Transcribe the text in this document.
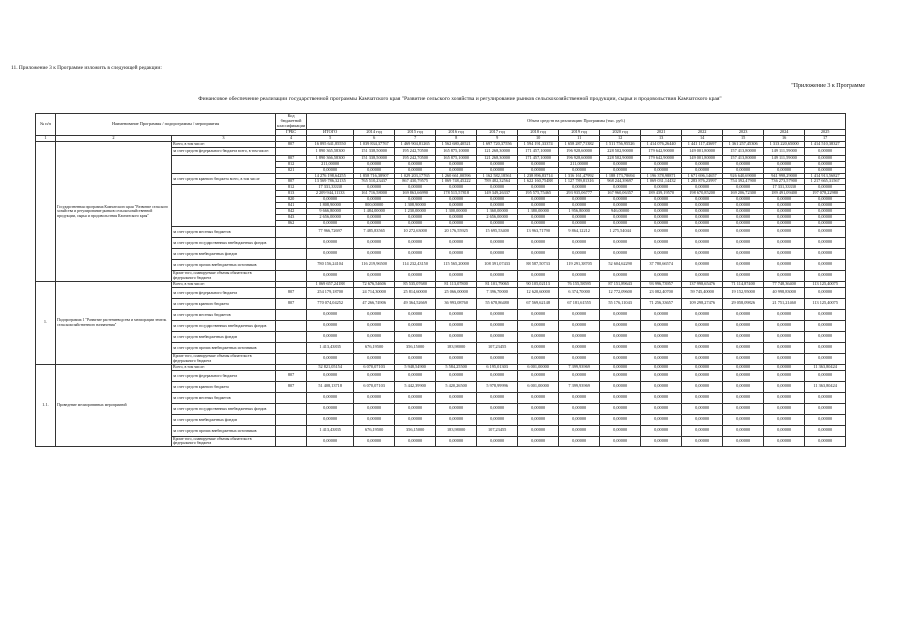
11. Приложение 3 к Программе изложить в следующей редакции:
"Приложение 3 к Программе
Финансовое обеспечение реализации государственной программы Камчатского края "Развитие сельского хозяйства и регулирование рынков сельскохозяйственной продукции, сырья и продовольствия Камчатского края"
№ п/п	Наименование Программы / подпрограммы / мероприятия		Код бюджетной классификации	Объем средств на реализацию Программы (тыс. руб.)												
			ГРБС	ИТОГО	2014 год	2015 год	2016 год	2017 год	2018 год	2019 год	2020 год	2021	2022	2023	2024	2025
1	2	3	4	5	6	7	8	9	10	11	12	13	14	15	16	17
	Государственная программа Камчатского края "Развитие сельского хозяйства и регулирование рынков сельскохозяйственной продукции, сырья и продовольствия Камчатского края"	Всего, в том числе:	807	16 895 641,85550	1 039 834,37767	1 469 904,81265	1 562 680,40521	1 697 720,37556	1 594 191,33374	1 658 287,71382	1 511 756,95526	1 414 076,26440	1 441 117,43697	1 361 257,45306	1 313 220,65000	1 414 510,38327
		за счет средств федерального бюджета всего, в том числе:		1 890 365,58300	151 338,50000	195 242,70500	165 875,10000	121 268,30000	171 457,10000	196 928,60000	228 502,90000	179 642,90000	149 001,80000	157 413,80000	149 111,59000	0,00000
			807	1 890 366,58300	151 338,50000	195 242,70500	165 875,10000	121 268,30000	171 457,10000	196 928,60000	228 502,90000	179 642,90000	149 001,80000	157 413,80000	149 111,59000	0,00000
			812	211,00000	0,00000	0,00000	0,00000	0,00000	0,00000	211,00000	0,00000	0,00000	0,00000	0,00000	0,00000	0,00000
			821	0,00000	0,00000	0,00000	0,00000	0,00000	0,00000	0,00000	0,00000	0,00000	0,00000	0,00000	0,00000	0,00000
		за счет средств краевого бюджета всего, в том числе		14 276 198,64255	1 858 716,38907	1 029 203,17765	1 260 661,00596	1 162 582,18561	1 238 896,83714	1 316 161,47992	1 188 173,78694	1 196 378,98871	1 671 696,14657	926 640,69000	941 998,29000	1 414 913,56827
			807	13 569 786,32135	765 510,23437	867 430,79575	1 069 748,45222	789 482,32564	1 622 160,75488	1 127 789,81316	968 244,39697	1 069 031,14432	1 283 876,23997	754 392,47900	736 273,57900	1 217 665,31567
			812	17 331,33330	0,00000	0,00000	0,00000	0,00000	0,00000	0,00000	0,00000	0,00000	0,00000	0,00000	17 331,33330	0,00000
			813	2 209 944,11133	161 716,58000	169 863,66990	178 515,57818	149 349,26337	195 575,75465	293 935,06777	167 960,06357	189 439,19570	198 670,85200	169 206,72300	189 491,09400	197 078,22980
			820	0,00000	0,00000	0,00000	0,00000	0,00000	0,00000	0,00000	0,00000	0,00000	0,00000	0,00000	0,00000	0,00000
			841	1 808,90000	800,00000	1 308,90000	0,00000	0,00000	0,00000	0,00000	0,00000	0,00000	0,00000	0,00000	0,00000	0,00000
			842	9 666,80000	1 484,00000	1 230,00000	1 300,00000	1 360,00000	1 380,00000	1 956,80000	946,00000	0,00000	0,00000	0,00000	0,00000	0,00000
			843	2 656,00000	0,00000	0,00000	0,00000	2 656,00000	0,00000	0,00000	0,00000	0,00000	0,00000	0,00000	0,00000	0,00000
			862	0,00000	0,00000	0,00000	0,00000	0,00000	0,00000	0,00000	0,00000	0,00000	0,00000	0,00000	0,00000	0,00000
		за счет средств местных бюджетов		77 966,72697	7 485,83565	10 272,63000	20 176,55925	15 695,53400	13 963,71790	9 864,12212	1 275,54044	0,00000	0,00000	0,00000	0,00000	0,00000
		за счет средств государственных внебюджетных фондов		0,00000	0,00000	0,00000	0,00000	0,00000	0,00000	0,00000	0,00000	0,00000	0,00000	0,00000	0,00000	0,00000
		за счет средств внебюджетных фондов		0,00000	0,00000	0,00000	0,00000	0,00000	0,00000	0,00000	0,00000	0,00000	0,00000	0,00000	0,00000	0,00000
		за счет средств прочих внебюджетных источников		780 156,24104	116 219,96500	114 232,43150	115 565,20000	108 391,07433	88 587,50733	119 291,38705	52 604,62290	37 780,66574	0,00000	0,00000	0,00000	0,00000
		Кроме того, планируемые объемы обязательств федерального бюджета		0,00000	0,00000	0,00000	0,00000	0,00000	0,00000	0,00000	0,00000	0,00000	0,00000	0,00000	0,00000	0,00000
1.	Подпрограмма 1 "Развитие растениеводства и мелиорации земель сельскохозяйственного назначения"	Всего, в том числе:		1 069 657,24188	72 676,54606	85 535,07680	81 113,07800	81 101,79065	90 105,02113	76 155,58595	87 151,89643	93 996,73957	137 998,65476	71 114,87400	77 748,36400	113 125,40075
		за счет средств федерального бюджета	807	254 179,18700	24 714,30000	25 814,60000	25 066,00000	7 396,70000	12 620,60000	6 374,70000	12 772,09600	23 082,40700	59 745,40000	19 152,95000	40 998,83000	0,00000
		за счет средств краевого бюджета	807	770 074,04252	47 266,74906	49 364,52669	36 993,08760	55 678,86480	67 569,62148	67 181,61555	55 176,11043	71 256,33657	109 298,27476	29 058,09826	21 751,21460	113 125,40075
		за счет средств местных бюджетов		0,00000	0,00000	0,00000	0,00000	0,00000	0,00000	0,00000	0,00000	0,00000	0,00000	0,00000	0,00000	0,00000
		за счет средств государственных внебюджетных фондов		0,00000	0,00000	0,00000	0,00000	0,00000	0,00000	0,00000	0,00000	0,00000	0,00000	0,00000	0,00000	0,00000
		за счет средств внебюджетных фондов		0,00000	0,00000	0,00000	0,00000	0,00000	0,00000	0,00000	0,00000	0,00000	0,00000	0,00000	0,00000	0,00000
		за счет средств прочих внебюджетных источников		1 413,43835	676,19500	356,15000	183,98000	107,23455	0,00000	0,00000	0,00000	0,00000	0,00000	0,00000	0,00000	0,00000
		Кроме того, планируемые объемы обязательств федерального бюджета		0,00000	0,00000	0,00000	0,00000	0,00000	0,00000	0,00000	0,00000	0,00000	0,00000	0,00000	0,00000	0,00000
1.1.	Проведение мелиоративных мероприятий	Всего, в том числе:		52 821,05154	6 070,07103	5 948,54900	5 584,25500	6 195,01303	6 001,00000	7 399,93969	0,00000	0,00000	0,00000	0,00000	0,00000	11 363,80424
		за счет средств федерального бюджета	807	0,00000	0,00000	0,00000	0,00000	0,00000	0,00000	0,00000	0,00000	0,00000	0,00000	0,00000	0,00000	0,00000
		за счет средств краевого бюджета	807	51 408,13718	6 070,07103	5 442,39900	5 420,26500	5 978,99996	6 001,00000	7 399,93969	0,00000	0,00000	0,00000	0,00000	0,00000	11 363,80424
		за счет средств местных бюджетов		0,00000	0,00000	0,00000	0,00000	0,00000	0,00000	0,00000	0,00000	0,00000	0,00000	0,00000	0,00000	0,00000
		за счет средств государственных внебюджетных фондов		0,00000	0,00000	0,00000	0,00000	0,00000	0,00000	0,00000	0,00000	0,00000	0,00000	0,00000	0,00000	0,00000
		за счет средств внебюджетных фондов		0,00000	0,00000	0,00000	0,00000	0,00000	0,00000	0,00000	0,00000	0,00000	0,00000	0,00000	0,00000	0,00000
		за счет средств прочих внебюджетных источников		1 413,43835	676,19500	356,15000	183,98000	107,23455	0,00000	0,00000	0,00000	0,00000	0,00000	0,00000	0,00000	0,00000
		Кроме того, планируемые объемы обязательств федерального бюджета		0,00000	0,00000	0,00000	0,00000	0,00000	0,00000	0,00000	0,00000	0,00000	0,00000	0,00000	0,00000	0,00000
